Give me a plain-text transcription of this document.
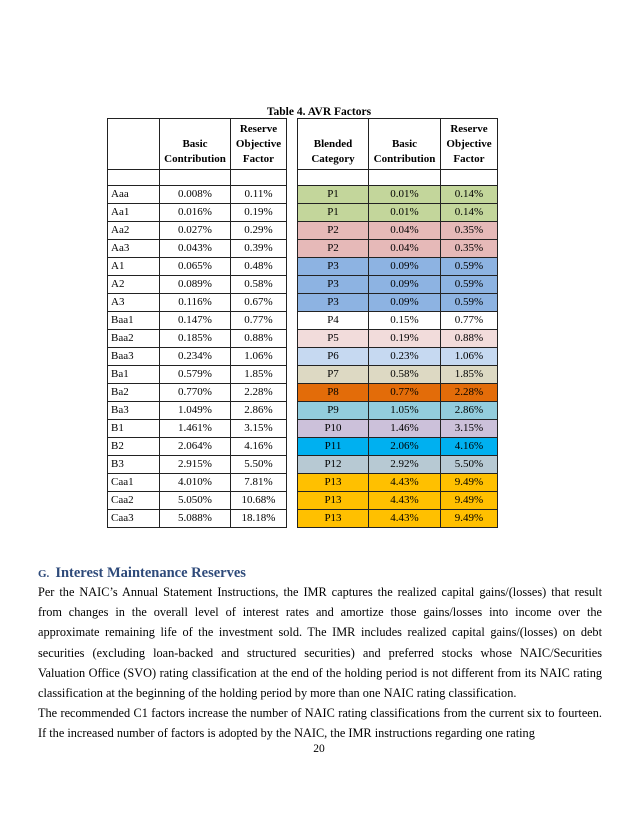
Table 4. AVR Factors
	Basic Contribution	Reserve Objective Factor		Blended Category	Basic Contribution	Reserve Objective Factor

Aaa	0.008%	0.11%		P1	0.01%	0.14%
Aa1	0.016%	0.19%		P1	0.01%	0.14%
Aa2	0.027%	0.29%		P2	0.04%	0.35%
Aa3	0.043%	0.39%		P2	0.04%	0.35%
A1	0.065%	0.48%		P3	0.09%	0.59%
A2	0.089%	0.58%		P3	0.09%	0.59%
A3	0.116%	0.67%		P3	0.09%	0.59%
Baa1	0.147%	0.77%		P4	0.15%	0.77%
Baa2	0.185%	0.88%		P5	0.19%	0.88%
Baa3	0.234%	1.06%		P6	0.23%	1.06%
Ba1	0.579%	1.85%		P7	0.58%	1.85%
Ba2	0.770%	2.28%		P8	0.77%	2.28%
Ba3	1.049%	2.86%		P9	1.05%	2.86%
B1	1.461%	3.15%		P10	1.46%	3.15%
B2	2.064%	4.16%		P11	2.06%	4.16%
B3	2.915%	5.50%		P12	2.92%	5.50%
Caa1	4.010%	7.81%		P13	4.43%	9.49%
Caa2	5.050%	10.68%		P13	4.43%	9.49%
Caa3	5.088%	18.18%		P13	4.43%	9.49%
G. Interest Maintenance Reserves

Per the NAIC’s Annual Statement Instructions, the IMR captures the realized capital gains/(losses) that result from changes in the overall level of interest rates and amortize those gains/losses into income over the approximate remaining life of the investment sold. The IMR includes realized capital gains/(losses) on debt securities (excluding loan-backed and structured securities) and preferred stocks whose NAIC/Securities Valuation Office (SVO) rating classification at the end of the holding period is not different from its NAIC rating classification at the beginning of the holding period by more than one NAIC rating classification.

The recommended C1 factors increase the number of NAIC rating classifications from the current six to fourteen. If the increased number of factors is adopted by the NAIC, the IMR instructions regarding one rating

20
